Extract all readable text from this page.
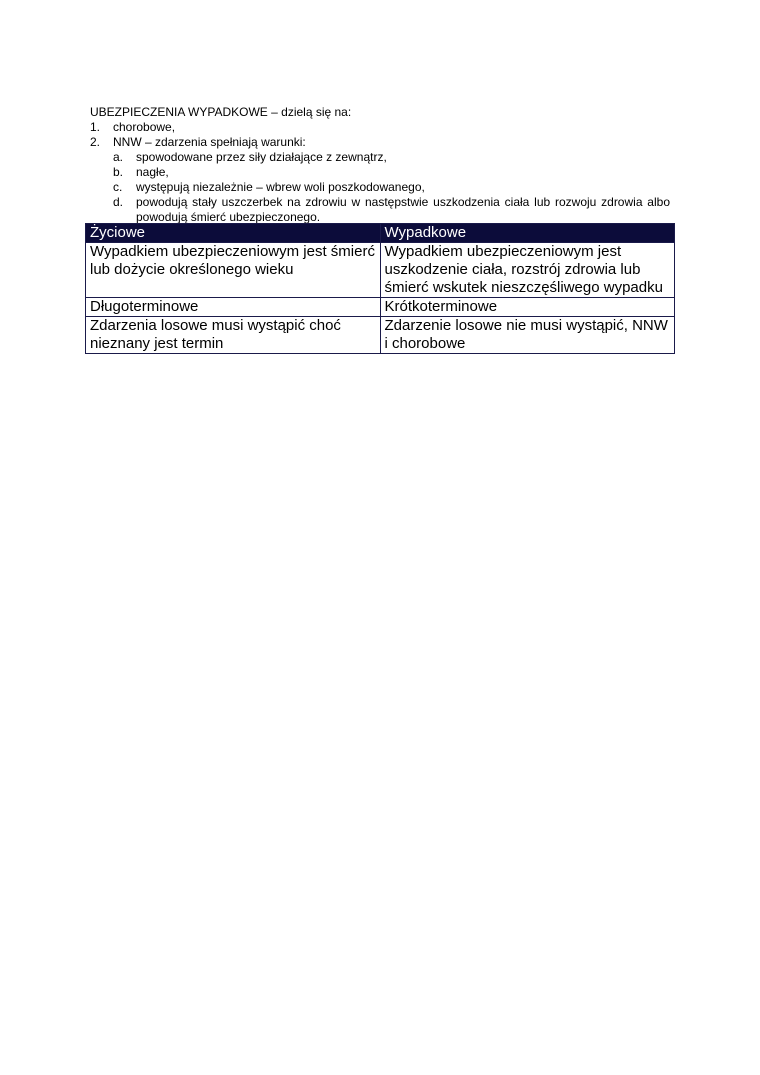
UBEZPIECZENIA WYPADKOWE – dzielą się na:

1. chorobowe,
2. NNW – zdarzenia spełniają warunki:
a. spowodowane przez siły działające z zewnątrz,
b. nagłe,
c. występują niezależnie – wbrew woli poszkodowanego,
d. powodują stały uszczerbek na zdrowiu w następstwie uszkodzenia ciała lub rozwoju zdrowia albo powodują śmierć ubezpieczonego.
Życiowe	Wypadkowe
Wypadkiem ubezpieczeniowym jest śmierć lub dożycie określonego wieku	Wypadkiem ubezpieczeniowym jest uszkodzenie ciała, rozstrój zdrowia lub śmierć wskutek nieszczęśliwego wypadku
Długoterminowe	Krótkoterminowe
Zdarzenia losowe musi wystąpić choć nieznany jest termin	Zdarzenie losowe nie musi wystąpić, NNW i chorobowe
